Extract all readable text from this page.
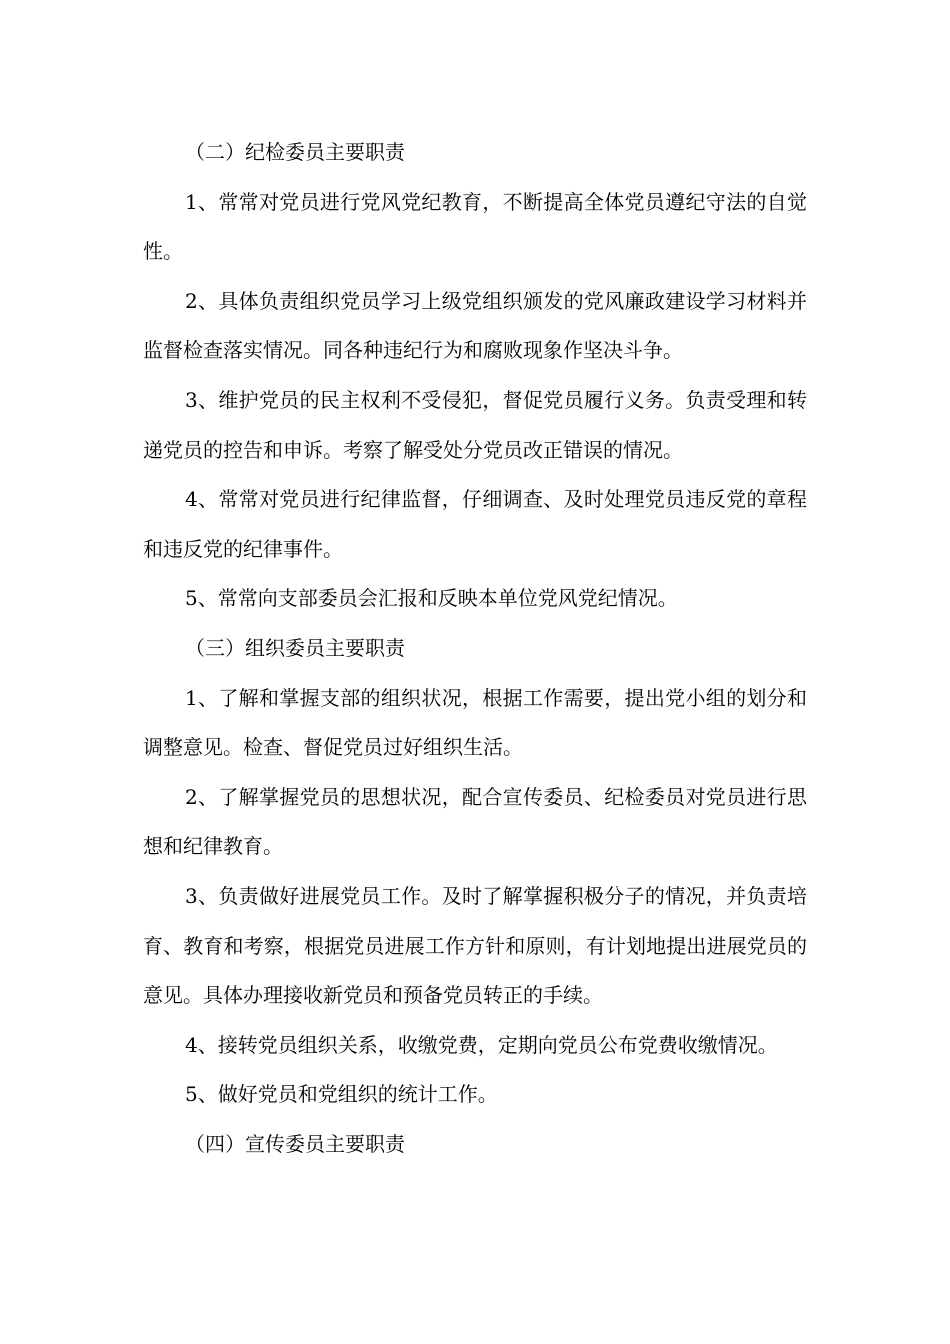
（二）纪检委员主要职责

1、常常对党员进行党风党纪教育，不断提高全体党员遵纪守法的自觉性。

2、具体负责组织党员学习上级党组织颁发的党风廉政建设学习材料并监督检查落实情况。同各种违纪行为和腐败现象作坚决斗争。

3、维护党员的民主权利不受侵犯，督促党员履行义务。负责受理和转递党员的控告和申诉。考察了解受处分党员改正错误的情况。

4、常常对党员进行纪律监督，仔细调查、及时处理党员违反党的章程和违反党的纪律事件。

5、常常向支部委员会汇报和反映本单位党风党纪情况。

（三）组织委员主要职责

1、了解和掌握支部的组织状况，根据工作需要，提出党小组的划分和调整意见。检查、督促党员过好组织生活。

2、了解掌握党员的思想状况，配合宣传委员、纪检委员对党员进行思想和纪律教育。

3、负责做好进展党员工作。及时了解掌握积极分子的情况，并负责培育、教育和考察，根据党员进展工作方针和原则，有计划地提出进展党员的意见。具体办理接收新党员和预备党员转正的手续。

4、接转党员组织关系，收缴党费，定期向党员公布党费收缴情况。

5、做好党员和党组织的统计工作。

（四）宣传委员主要职责
